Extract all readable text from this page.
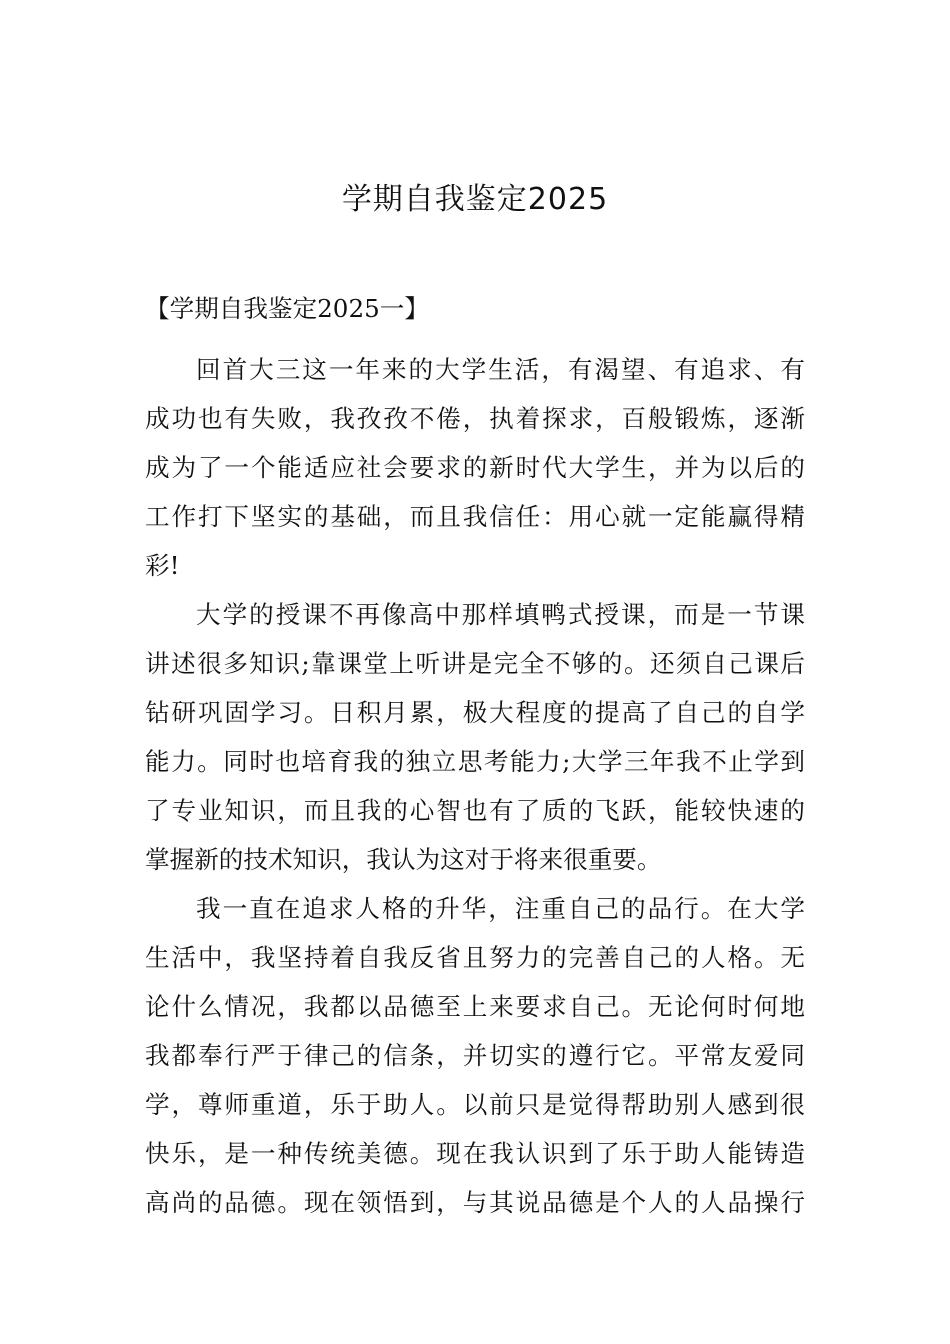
学期自我鉴定2025
【学期自我鉴定2025一】
回首大三这一年来的大学生活，有渴望、有追求、有
成功也有失败，我孜孜不倦，执着探求，百般锻炼，逐渐
成为了一个能适应社会要求的新时代大学生，并为以后的
工作打下坚实的基础，而且我信任：用心就一定能赢得精
彩!
大学的授课不再像高中那样填鸭式授课，而是一节课
讲述很多知识;靠课堂上听讲是完全不够的。还须自己课后
钻研巩固学习。日积月累，极大程度的提高了自己的自学
能力。同时也培育我的独立思考能力;大学三年我不止学到
了专业知识，而且我的心智也有了质的飞跃，能较快速的
掌握新的技术知识，我认为这对于将来很重要。
我一直在追求人格的升华，注重自己的品行。在大学
生活中，我坚持着自我反省且努力的完善自己的人格。无
论什么情况，我都以品德至上来要求自己。无论何时何地
我都奉行严于律己的信条，并切实的遵行它。平常友爱同
学，尊师重道，乐于助人。以前只是觉得帮助别人感到很
快乐，是一种传统美德。现在我认识到了乐于助人能铸造
高尚的品德。现在领悟到，与其说品德是个人的人品操行
